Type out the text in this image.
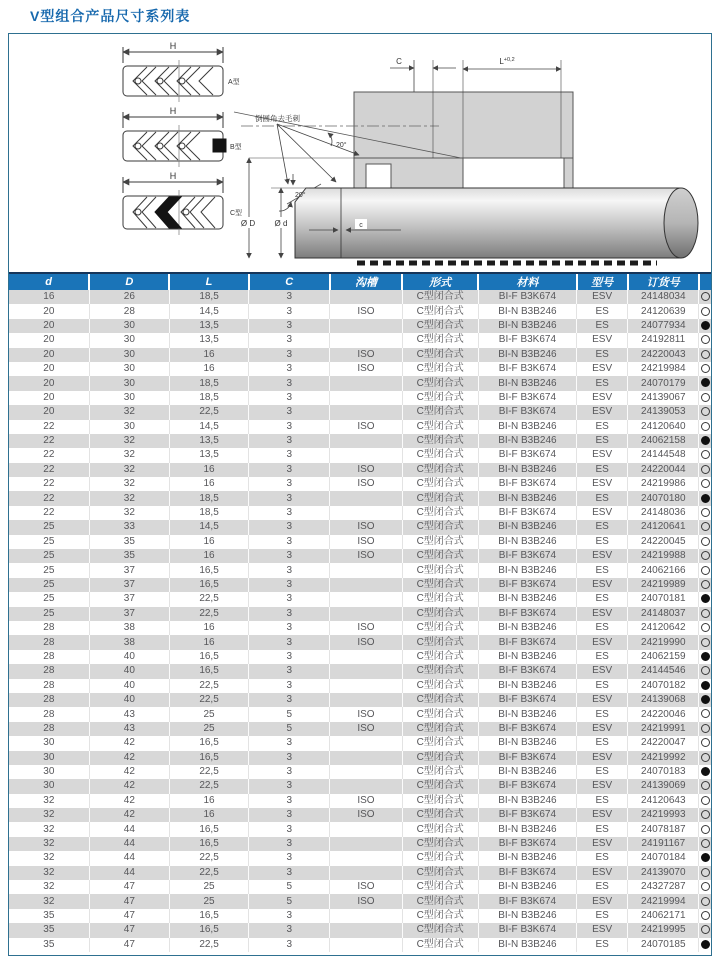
V型组合产品尺寸系列表
H
A型
H
B型
H
C型
C	$L^{+0,2}$
20°
20°
Ø D Ø d	c
倒圆角去毛刺
d	D	L	C	沟槽	形式	材料	型号	订货号	
16	26	18,5	3		C型闭合式	BI-F B3K674	ESV	24148034	
20	28	14,5	3	ISO	C型闭合式	BI-N B3B246	ES	24120639	
20	30	13,5	3		C型闭合式	BI-N B3B246	ES	24077934	
20	30	13,5	3		C型闭合式	BI-F B3K674	ESV	24192811	
20	30	16	3	ISO	C型闭合式	BI-N B3B246	ES	24220043	
20	30	16	3	ISO	C型闭合式	BI-F B3K674	ESV	24219984	
20	30	18,5	3		C型闭合式	BI-N B3B246	ES	24070179	
20	30	18,5	3		C型闭合式	BI-F B3K674	ESV	24139067	
20	32	22,5	3		C型闭合式	BI-F B3K674	ESV	24139053	
22	30	14,5	3	ISO	C型闭合式	BI-N B3B246	ES	24120640	
22	32	13,5	3		C型闭合式	BI-N B3B246	ES	24062158	
22	32	13,5	3		C型闭合式	BI-F B3K674	ESV	24144548	
22	32	16	3	ISO	C型闭合式	BI-N B3B246	ES	24220044	
22	32	16	3	ISO	C型闭合式	BI-F B3K674	ESV	24219986	
22	32	18,5	3		C型闭合式	BI-N B3B246	ES	24070180	
22	32	18,5	3		C型闭合式	BI-F B3K674	ESV	24148036	
25	33	14,5	3	ISO	C型闭合式	BI-N B3B246	ES	24120641	
25	35	16	3	ISO	C型闭合式	BI-N B3B246	ES	24220045	
25	35	16	3	ISO	C型闭合式	BI-F B3K674	ESV	24219988	
25	37	16,5	3		C型闭合式	BI-N B3B246	ES	24062166	
25	37	16,5	3		C型闭合式	BI-F B3K674	ESV	24219989	
25	37	22,5	3		C型闭合式	BI-N B3B246	ES	24070181	
25	37	22,5	3		C型闭合式	BI-F B3K674	ESV	24148037	
28	38	16	3	ISO	C型闭合式	BI-N B3B246	ES	24120642	
28	38	16	3	ISO	C型闭合式	BI-F B3K674	ESV	24219990	
28	40	16,5	3		C型闭合式	BI-N B3B246	ES	24062159	
28	40	16,5	3		C型闭合式	BI-F B3K674	ESV	24144546	
28	40	22,5	3		C型闭合式	BI-N B3B246	ES	24070182	
28	40	22,5	3		C型闭合式	BI-F B3K674	ESV	24139068	
28	43	25	5	ISO	C型闭合式	BI-N B3B246	ES	24220046	
28	43	25	5	ISO	C型闭合式	BI-F B3K674	ESV	24219991	
30	42	16,5	3		C型闭合式	BI-N B3B246	ES	24220047	
30	42	16,5	3		C型闭合式	BI-F B3K674	ESV	24219992	
30	42	22,5	3		C型闭合式	BI-N B3B246	ES	24070183	
30	42	22,5	3		C型闭合式	BI-F B3K674	ESV	24139069	
32	42	16	3	ISO	C型闭合式	BI-N B3B246	ES	24120643	
32	42	16	3	ISO	C型闭合式	BI-F B3K674	ESV	24219993	
32	44	16,5	3		C型闭合式	BI-N B3B246	ES	24078187	
32	44	16,5	3		C型闭合式	BI-F B3K674	ESV	24191167	
32	44	22,5	3		C型闭合式	BI-N B3B246	ES	24070184	
32	44	22,5	3		C型闭合式	BI-F B3K674	ESV	24139070	
32	47	25	5	ISO	C型闭合式	BI-N B3B246	ES	24327287	
32	47	25	5	ISO	C型闭合式	BI-F B3K674	ESV	24219994	
35	47	16,5	3		C型闭合式	BI-N B3B246	ES	24062171	
35	47	16,5	3		C型闭合式	BI-F B3K674	ESV	24219995	
35	47	22,5	3		C型闭合式	BI-N B3B246	ES	24070185	
